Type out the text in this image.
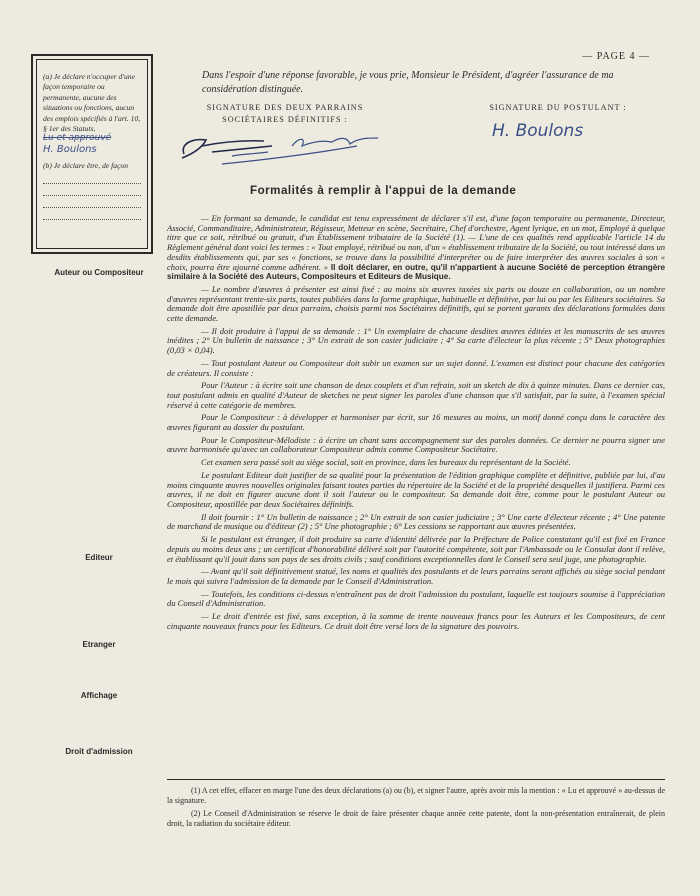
— PAGE 4 —

(a) Je déclare n'occuper d'une façon temporaire ou permanente, aucune des situations ou fonctions, aucun des emplois spécifiés à l'art. 10, § 1er des Statuts,

Lu et approuvé
H. Boulons

(b) Je déclare être, de façon

Dans l'espoir d'une réponse favorable, je vous prie, Monsieur le Président, d'agréer l'assurance de ma considération distinguée.
SIGNATURE DES DEUX PARRAINS
SOCIÉTAIRES DÉFINITIFS :
SIGNATURE DU POSTULANT :
H. Boulons
Formalités à remplir à l'appui de la demande
Auteur ou Compositeur
Editeur
Etranger
Affichage
Droit d'admission

— En formant sa demande, le candidat est tenu expressément de déclarer s'il est, d'une façon temporaire ou permanente, Directeur, Associé, Commanditaire, Administrateur, Régisseur, Metteur en scène, Secrétaire, Chef d'orchestre, Agent lyrique, en un mot, Employé à quelque titre que ce soit, rétribué ou gratuit, d'un Etablissement tributaire de la Société (1). — L'une de ces qualités rend applicable l'article 14 du Règlement général dont voici les termes : « Tout employé, rétribué ou non, d'un « établissement tributaire de la Société, ou tout intéressé dans un desdits établissements qui, par ses « fonctions, se trouve dans la possibilité d'interpréter ou de faire interpréter des œuvres sociales à son « choix, pourra être ajourné comme adhérent. » Il doit déclarer, en outre, qu'il n'appartient à aucune Société de perception étrangère similaire à la Société des Auteurs, Compositeurs et Editeurs de Musique.

— Le nombre d'œuvres à présenter est ainsi fixé : au moins six œuvres taxées six parts ou douze en collaboration, ou un nombre d'œuvres représentant trente-six parts, toutes publiées dans la forme graphique, habituelle et définitive, par lui ou par les Editeurs sociétaires. Sa demande doit être apostillée par deux parrains, choisis parmi nos Sociétaires définitifs, qui se portent garants des déclarations formulées dans cette demande.

— Il doit produire à l'appui de sa demande : 1° Un exemplaire de chacune desdites œuvres éditées et les manuscrits de ses œuvres inédites ; 2° Un bulletin de naissance ; 3° Un extrait de son casier judiciaire ; 4° Sa carte d'électeur la plus récente ; 5° Deux photographies (0,03 × 0,04).

— Tout postulant Auteur ou Compositeur doit subir un examen sur un sujet donné. L'examen est distinct pour chacune des catégories de créateurs. Il consiste :

Pour l'Auteur : à écrire soit une chanson de deux couplets et d'un refrain, soit un sketch de dix à quinze minutes. Dans ce dernier cas, tout postulant admis en qualité d'Auteur de sketches ne peut signer les paroles d'une chanson que s'il satisfait, par la suite, à l'examen spécial réservé à cette catégorie de membres.

Pour le Compositeur : à développer et harmoniser par écrit, sur 16 mesures au moins, un motif donné conçu dans le caractère des œuvres figurant au dossier du postulant.

Pour le Compositeur-Mélodiste : à écrire un chant sans accompagnement sur des paroles données. Ce dernier ne pourra signer une œuvre harmonisée qu'avec un collaborateur Compositeur admis comme Compositeur Sociétaire.

Cet examen sera passé soit au siège social, soit en province, dans les bureaux du représentant de la Société.

Le postulant Editeur doit justifier de sa qualité pour la présentation de l'édition graphique complète et définitive, publiée par lui, d'au moins cinquante œuvres nouvelles originales faisant toutes parties du répertoire de la Société et de la propriété desquelles il justifiera. Parmi ces œuvres, il ne doit en figurer aucune dont il soit l'auteur ou le compositeur. Sa demande doit être, comme pour le postulant Auteur ou Compositeur, apostillée par deux Sociétaires définitifs.

Il doit fournir : 1° Un bulletin de naissance ; 2° Un extrait de son casier judiciaire ; 3° Une carte d'électeur récente ; 4° Une patente de marchand de musique ou d'éditeur (2) ; 5° Une photographie ; 6° Les cessions se rapportant aux œuvres présentées.

Si le postulant est étranger, il doit produire sa carte d'identité délivrée par la Préfecture de Police constatant qu'il est fixé en France depuis au moins deux ans ; un certificat d'honorabilité délivré soit par l'autorité compétente, soit par l'Ambassade ou le Consulat dont il relève, et établissant qu'il jouit dans son pays de ses droits civils ; sauf conditions exceptionnelles dont le Conseil sera seul juge, une photographie.

— Avant qu'il soit définitivement statué, les noms et qualités des postulants et de leurs parrains seront affichés au siège social pendant le mois qui suivra l'admission de la demande par le Conseil d'Administration.

— Toutefois, les conditions ci-dessus n'entraînent pas de droit l'admission du postulant, laquelle est toujours soumise à l'appréciation du Conseil d'Administration.

— Le droit d'entrée est fixé, sans exception, à la somme de trente nouveaux francs pour les Auteurs et les Compositeurs, de cent cinquante nouveaux francs pour les Editeurs. Ce droit doit être versé lors de la signature des pouvoirs.

(1) A cet effet, effacer en marge l'une des deux déclarations (a) ou (b), et signer l'autre, après avoir mis la mention : « Lu et approuvé » au-dessus de la signature.

(2) Le Conseil d'Administration se réserve le droit de faire présenter chaque année cette patente, dont la non-présentation entraînerait, de plein droit, la radiation du sociétaire éditeur.
